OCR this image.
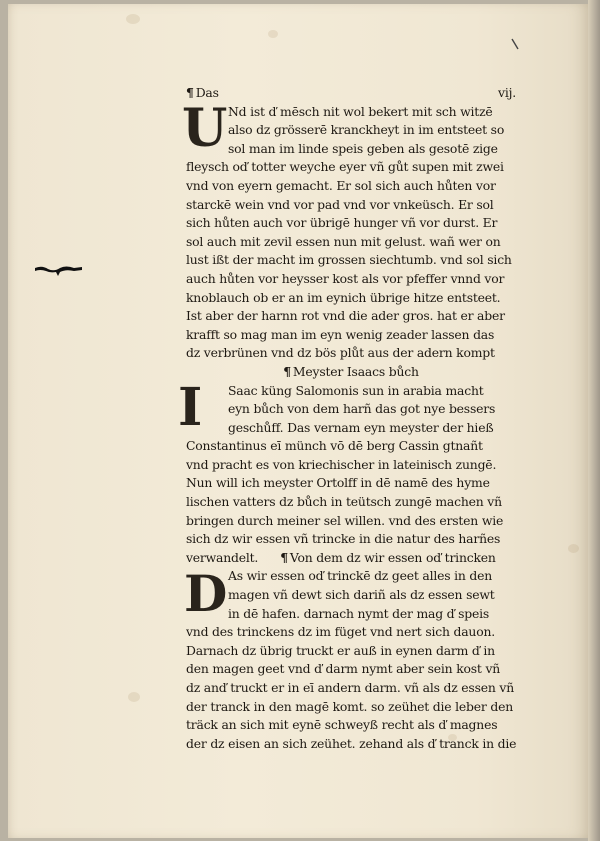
¶ Das	vij.
U Nd ist ď mēsch nit wol bekert mit sch witzē
also dz grösserē kranckheyt in im entsteet so
sol man im linde speis geben als gesotē zige
fleysch oď totter weyche eyer vñ gůt supen mit zwei
vnd von eyern gemacht. Er sol sich auch hůten vor
starckē wein vnd vor pad vnd vor vnkeüsch. Er sol
sich hůten auch vor übrigē hunger vñ vor durst. Er
sol auch mit zevil essen nun mit gelust. wañ wer on
lust ißt der macht im grossen siechtumb. vnd sol sich
auch hůten vor heysser kost als vor pfeffer vnnd vor
knoblauch ob er an im eynich übrige hitze entsteet.
Ist aber der harnn rot vnd die ader gros. hat er aber
krafft so mag man im eyn wenig zeader lassen das
dz verbrünen vnd dz bös plůt aus der adern kompt
¶ Meyster Isaacs bůch
I	Saac küng Salomonis sun in arabia macht
eyn bůch von dem harñ das got nye bessers
geschůff. Das vernam eyn meyster der hieß
Constantinus eī münch vō dē berg Cassin gtnañt
vnd pracht es von kriechischer in lateinisch zungē.
Nun will ich meyster Ortolff in dē namē des hyme
lischen vatters dz bůch in teütsch zungē machen vñ
bringen durch meiner sel willen. vnd des ersten wie
sich dz wir essen vñ trincke in die natur des harñes
verwandelt. ¶ Von dem dz wir essen oď trincken
D As wir essen oď trinckē dz geet alles in den
magen vñ dewt sich dariñ als dz essen sewt
in dē hafen. darnach nymt der mag ď speis
vnd des trinckens dz im füget vnd nert sich dauon.
Darnach dz übrig truckt er auß in eynen darm ď in
den magen geet vnd ď darm nymt aber sein kost vñ
dz anď truckt er in eī andern darm. vñ als dz essen vñ
der tranck in den magē komt. so zeühet die leber den
träck an sich mit eynē schweyß recht als ď magnes
der dz eisen an sich zeühet. zehand als ď tranck in die
